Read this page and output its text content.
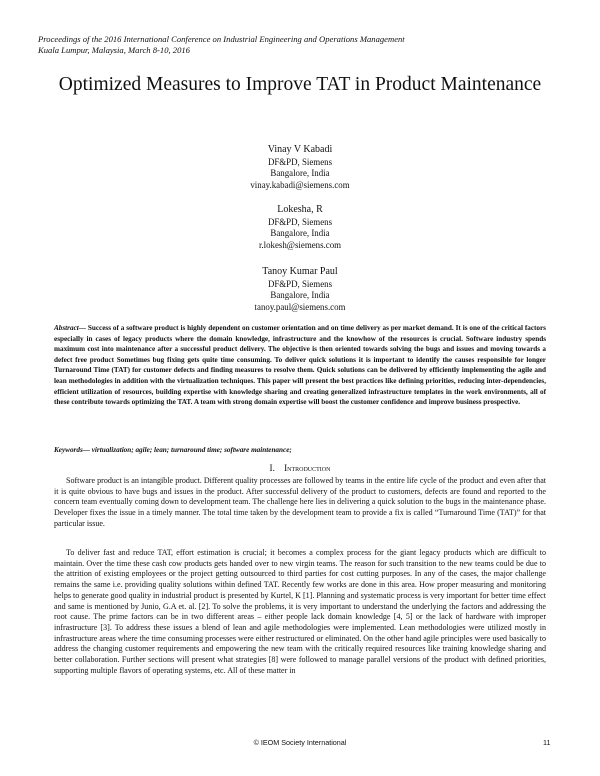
Proceedings of the 2016 International Conference on Industrial Engineering and Operations Management
Kuala Lumpur, Malaysia, March 8-10, 2016
Optimized Measures to Improve TAT in Product Maintenance
Vinay V Kabadi
DF&PD, Siemens
Bangalore, India
vinay.kabadi@siemens.com
Lokesha, R
DF&PD, Siemens
Bangalore, India
r.lokesh@siemens.com
Tanoy Kumar Paul
DF&PD, Siemens
Bangalore, India
tanoy.paul@siemens.com

Abstract— Success of a software product is highly dependent on customer orientation and on time delivery as per market demand. It is one of the critical factors especially in cases of legacy products where the domain knowledge, infrastructure and the knowhow of the resources is crucial. Software industry spends maximum cost into maintenance after a successful product delivery. The objective is then oriented towards solving the bugs and issues and moving towards a defect free product Sometimes bug fixing gets quite time consuming. To deliver quick solutions it is important to identify the causes responsible for longer Turnaround Time (TAT) for customer defects and finding measures to resolve them. Quick solutions can be delivered by efficiently implementing the agile and lean methodologies in addition with the virtualization techniques. This paper will present the best practices like defining priorities, reducing inter-dependencies, efficient utilization of resources, building expertise with knowledge sharing and creating generalized infrastructure templates in the work environments, all of these contribute towards optimizing the TAT. A team with strong domain expertise will boost the customer confidence and improve business prospective.

Keywords— virtualization; agile; lean; turnaround time; software maintenance;

I. Introduction

Software product is an intangible product. Different quality processes are followed by teams in the entire life cycle of the product and even after that it is quite obvious to have bugs and issues in the product. After successful delivery of the product to customers, defects are found and reported to the concern team eventually coming down to development team. The challenge here lies in delivering a quick solution to the bugs in the maintenance phase. Developer fixes the issue in a timely manner. The total time taken by the development team to provide a fix is called “Turnaround Time (TAT)” for that particular issue.

To deliver fast and reduce TAT, effort estimation is crucial; it becomes a complex process for the giant legacy products which are difficult to maintain. Over the time these cash cow products gets handed over to new virgin teams. The reason for such transition to the new teams could be due to the attrition of existing employees or the project getting outsourced to third parties for cost cutting purposes. In any of the cases, the major challenge remains the same i.e. providing quality solutions within defined TAT. Recently few works are done in this area. How proper measuring and monitoring helps to generate good quality in industrial product is presented by Kurtel, K [1]. Planning and systematic process is very important for better time effect and same is mentioned by Junio, G.A et. al. [2]. To solve the problems, it is very important to understand the underlying the factors and addressing the root cause. The prime factors can be in two different areas – either people lack domain knowledge [4, 5] or the lack of hardware with improper infrastructure [3]. To address these issues a blend of lean and agile methodologies were implemented. Lean methodologies were utilized mostly in infrastructure areas where the time consuming processes were either restructured or eliminated. On the other hand agile principles were used basically to address the changing customer requirements and empowering the new team with the critically required resources like training knowledge sharing and better collaboration. Further sections will present what strategies [8] were followed to manage parallel versions of the product with defined priorities, supporting multiple flavors of operating systems, etc. All of these matter in

© IEOM Society International	11
